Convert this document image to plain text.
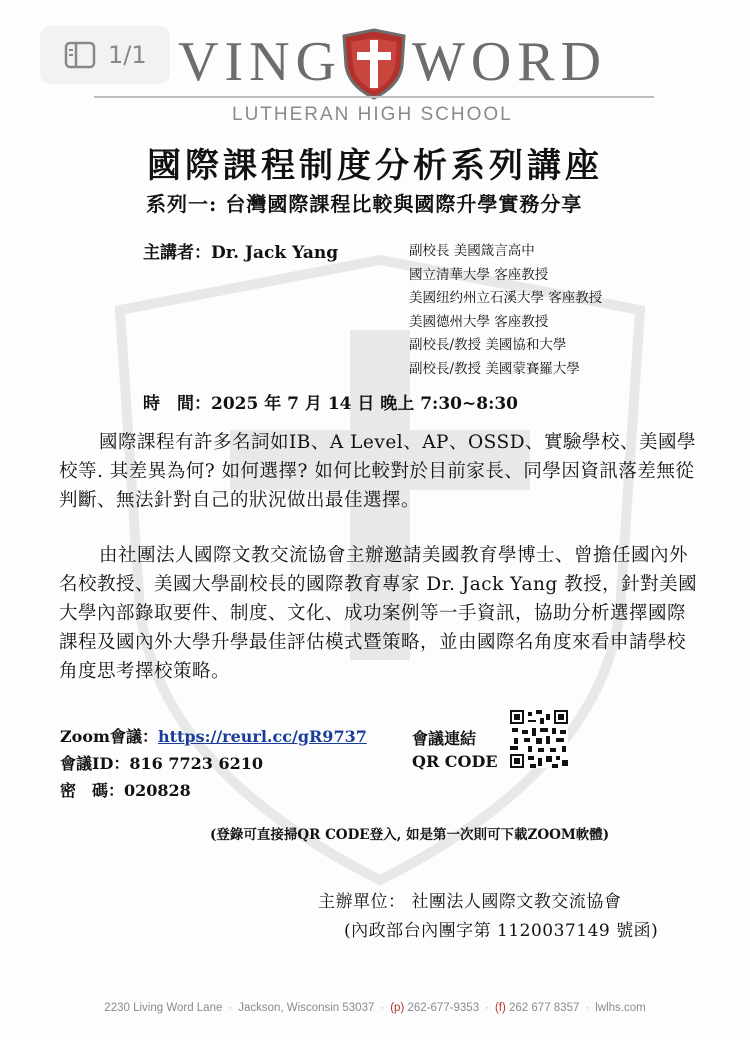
1/1 VING WORD
LUTHERAN HIGH SCHOOL
國際課程制度分析系列講座
系列一: 台灣國際課程比較與國際升學實務分享
主講者：Dr. Jack Yang	副校長 美國箴言高中
國立清華大學 客座教授
美國纽约州立石溪大學 客座教授
美國德州大學 客座教授
副校長/教授 美國協和大學
副校長/教授 美國蒙賽羅大學
時　間：2025 年 7 月 14 日 晚上 7:30~8:30
國際課程有許多名詞如IB、A Level、AP、OSSD、實驗學校、美國學校等. 其差異為何? 如何選擇? 如何比較對於目前家長、同學因資訊落差無從判斷、無法針對自己的狀況做出最佳選擇。
由社團法人國際文教交流協會主辦邀請美國教育學博士、曾擔任國內外名校教授、美國大學副校長的國際教育專家 Dr. Jack Yang 教授，針對美國大學內部錄取要件、制度、文化、成功案例等一手資訊，協助分析選擇國際課程及國內外大學升學最佳評估模式暨策略，並由國際名角度來看申請學校角度思考擇校策略。
Zoom會議：https://reurl.cc/gR9737
會議ID：816 7723 6210
密　碼：020828
會議連結
QR CODE
(登錄可直接掃QR CODE登入, 如是第一次則可下載ZOOM軟體)
主辦單位： 社團法人國際文教交流協會
(內政部台內團字第 1120037149 號函)
2230 Living Word Lane · Jackson, Wisconsin 53037 · (p) 262-677-9353 · (f) 262 677 8357 · lwlhs.com
